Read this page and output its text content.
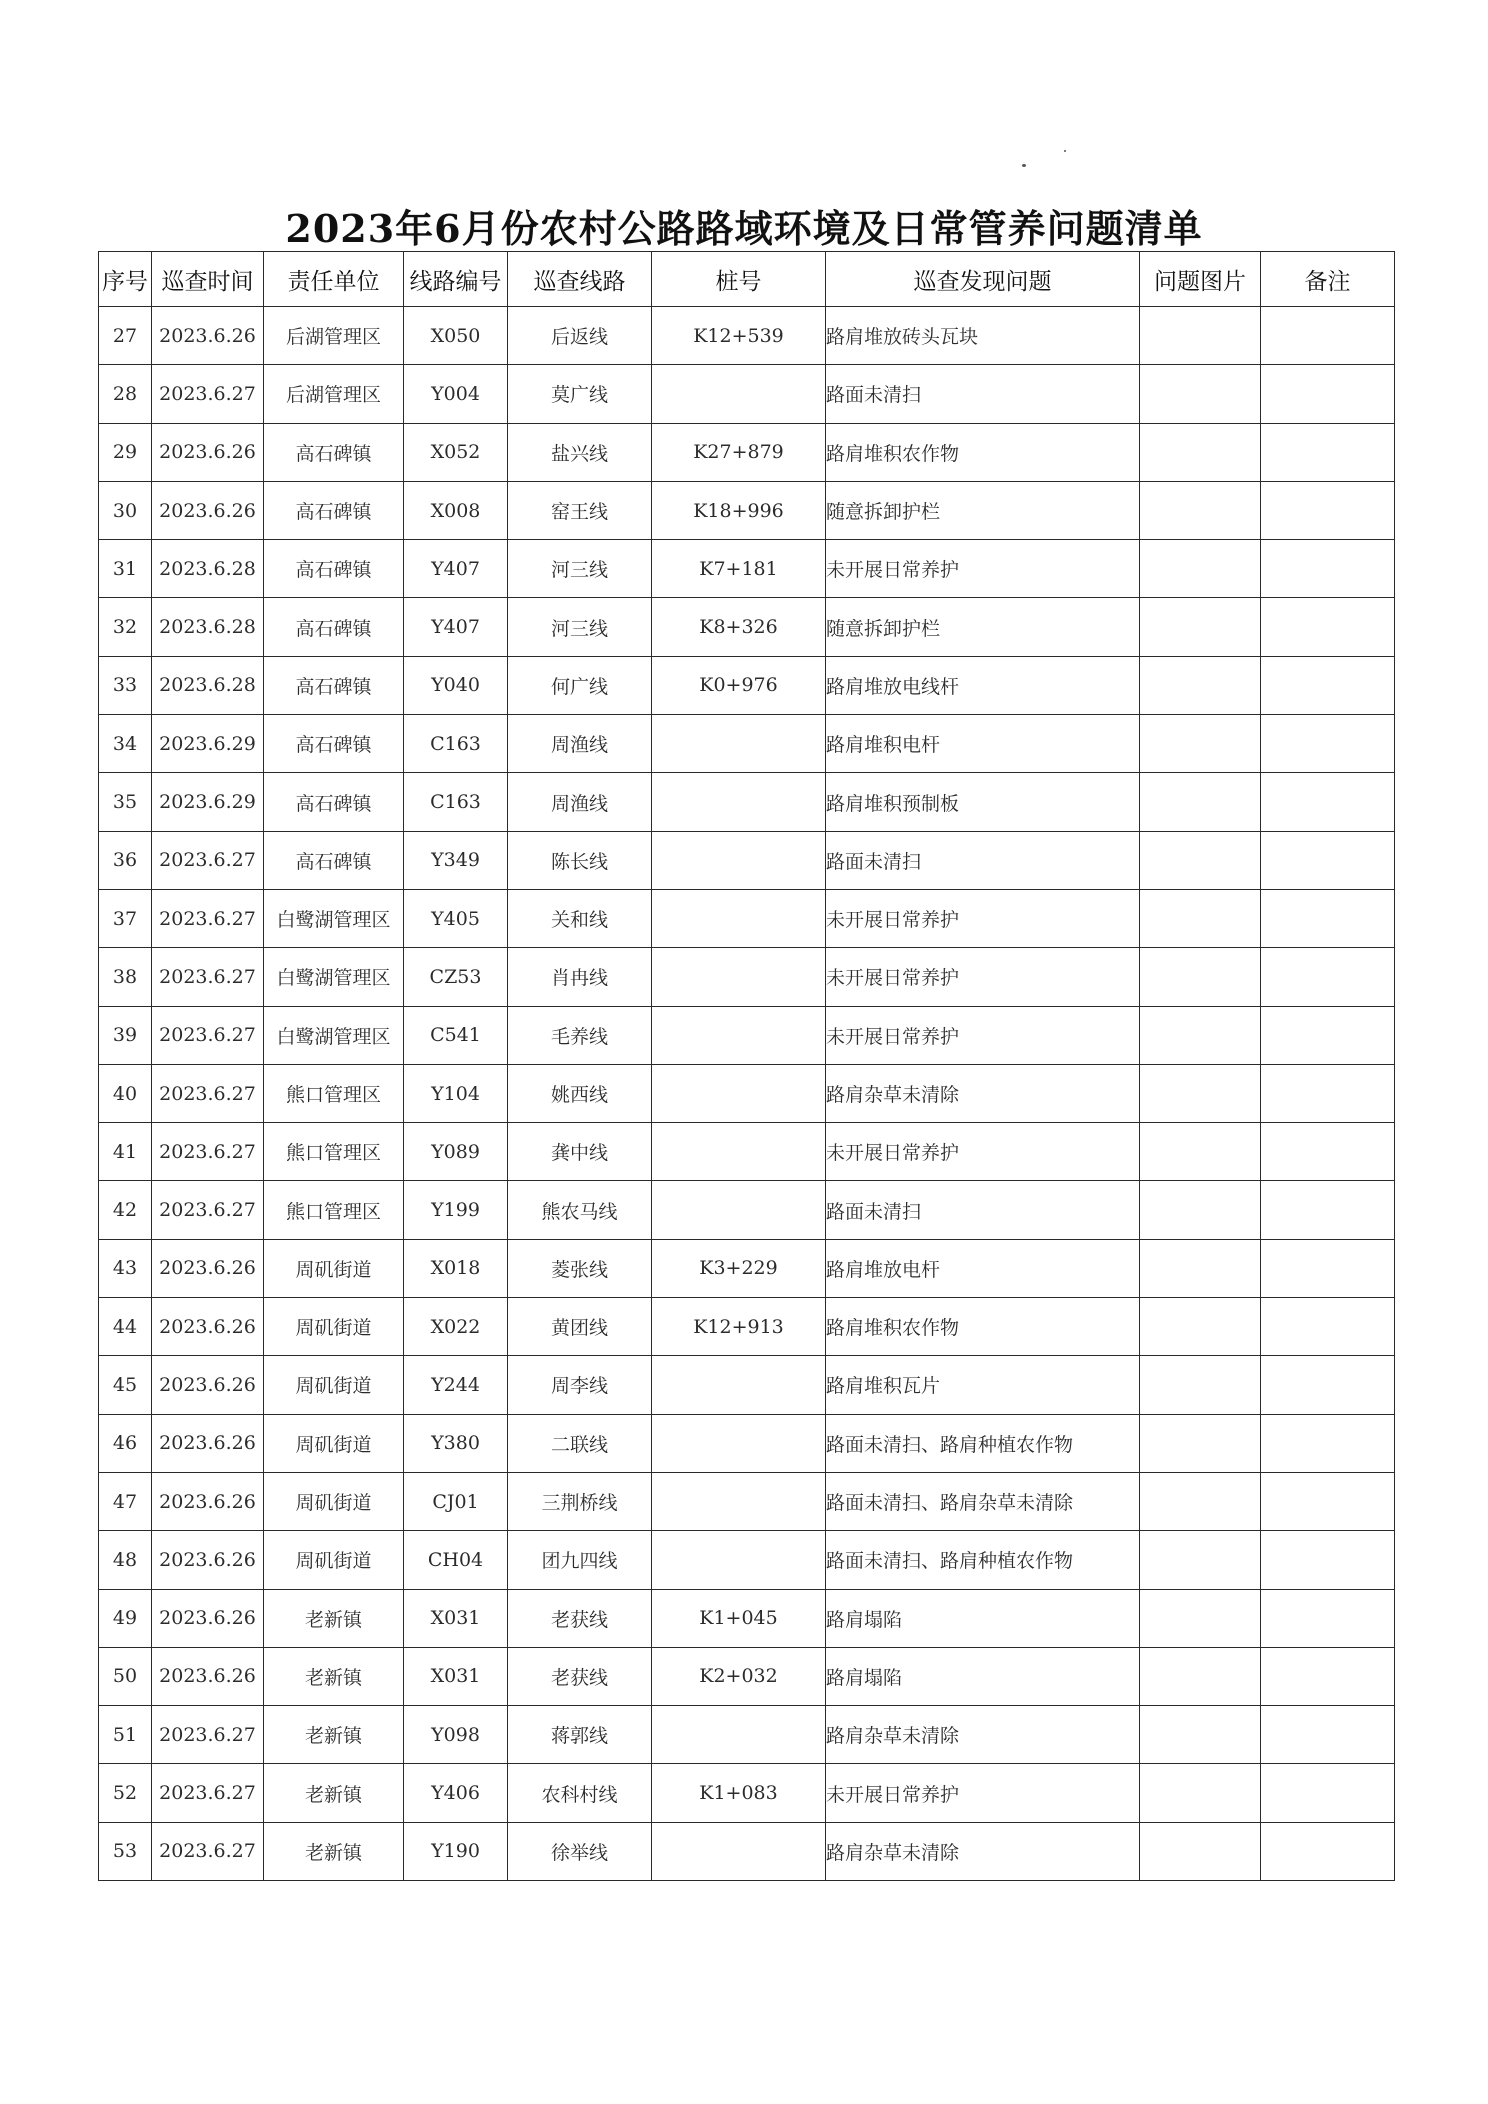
2023年6月份农村公路路域环境及日常管养问题清单
序号	巡查时间	责任单位	线路编号	巡查线路	桩号	巡查发现问题	问题图片	备注
27	2023.6.26	后湖管理区	X050	后返线	K12+539	路肩堆放砖头瓦块		
28	2023.6.27	后湖管理区	Y004	莫广线		路面未清扫		
29	2023.6.26	高石碑镇	X052	盐兴线	K27+879	路肩堆积农作物		
30	2023.6.26	高石碑镇	X008	窑王线	K18+996	随意拆卸护栏		
31	2023.6.28	高石碑镇	Y407	河三线	K7+181	未开展日常养护		
32	2023.6.28	高石碑镇	Y407	河三线	K8+326	随意拆卸护栏		
33	2023.6.28	高石碑镇	Y040	何广线	K0+976	路肩堆放电线杆		
34	2023.6.29	高石碑镇	C163	周渔线		路肩堆积电杆		
35	2023.6.29	高石碑镇	C163	周渔线		路肩堆积预制板		
36	2023.6.27	高石碑镇	Y349	陈长线		路面未清扫		
37	2023.6.27	白鹭湖管理区	Y405	关和线		未开展日常养护		
38	2023.6.27	白鹭湖管理区	CZ53	肖冉线		未开展日常养护		
39	2023.6.27	白鹭湖管理区	C541	毛养线		未开展日常养护		
40	2023.6.27	熊口管理区	Y104	姚西线		路肩杂草未清除		
41	2023.6.27	熊口管理区	Y089	龚中线		未开展日常养护		
42	2023.6.27	熊口管理区	Y199	熊农马线		路面未清扫		
43	2023.6.26	周矶街道	X018	菱张线	K3+229	路肩堆放电杆		
44	2023.6.26	周矶街道	X022	黄团线	K12+913	路肩堆积农作物		
45	2023.6.26	周矶街道	Y244	周李线		路肩堆积瓦片		
46	2023.6.26	周矶街道	Y380	二联线		路面未清扫、路肩种植农作物		
47	2023.6.26	周矶街道	CJ01	三荆桥线		路面未清扫、路肩杂草未清除		
48	2023.6.26	周矶街道	CH04	团九四线		路面未清扫、路肩种植农作物		
49	2023.6.26	老新镇	X031	老获线	K1+045	路肩塌陷		
50	2023.6.26	老新镇	X031	老获线	K2+032	路肩塌陷		
51	2023.6.27	老新镇	Y098	蒋郭线		路肩杂草未清除		
52	2023.6.27	老新镇	Y406	农科村线	K1+083	未开展日常养护		
53	2023.6.27	老新镇	Y190	徐举线		路肩杂草未清除		
